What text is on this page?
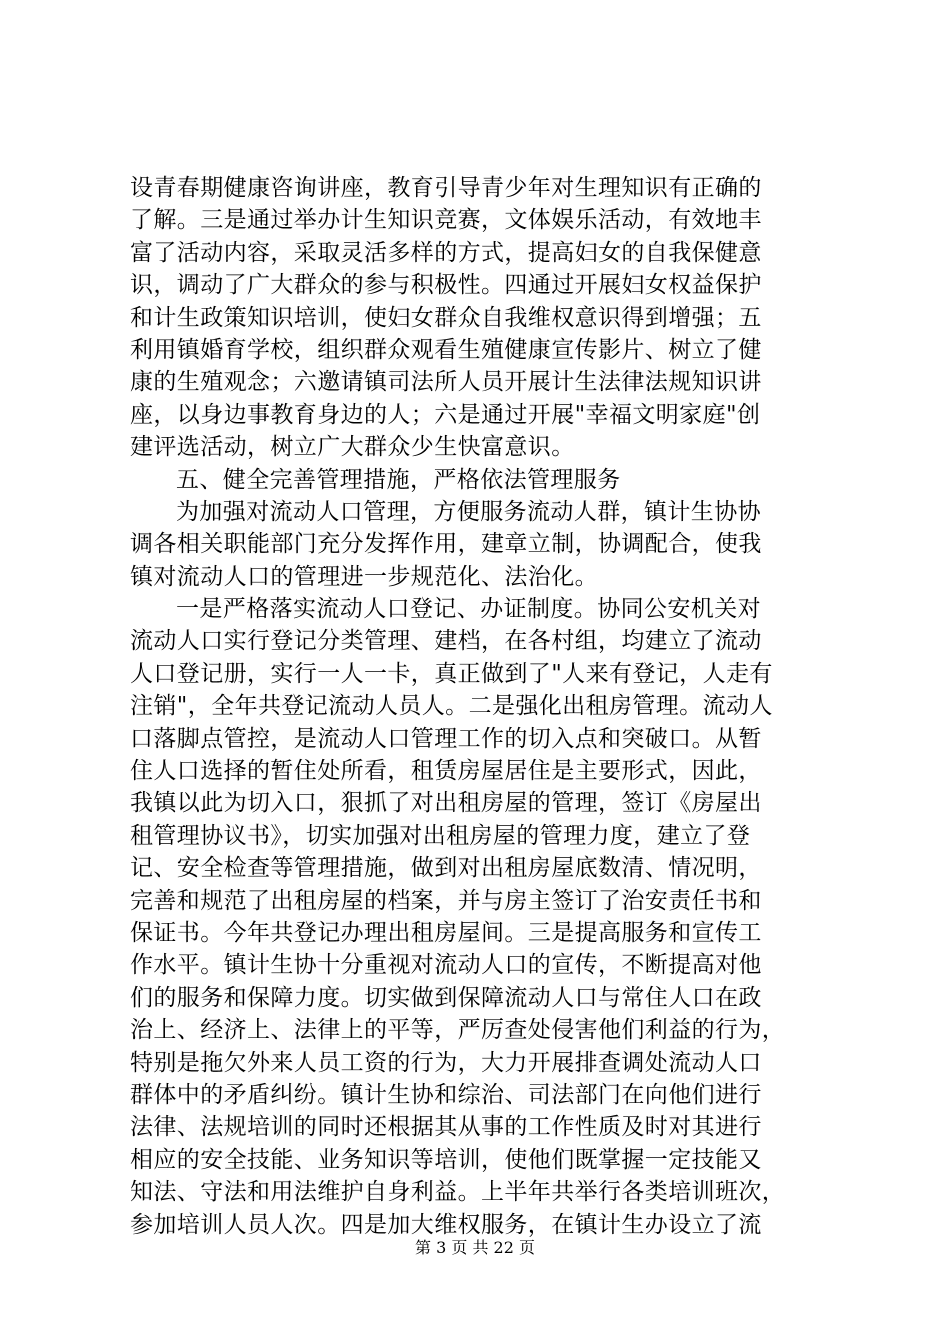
设青春期健康咨询讲座，教育引导青少年对生理知识有正确的
了解。三是通过举办计生知识竞赛，文体娱乐活动，有效地丰
富了活动内容，采取灵活多样的方式，提高妇女的自我保健意
识，调动了广大群众的参与积极性。四通过开展妇女权益保护
和计生政策知识培训，使妇女群众自我维权意识得到增强；五
利用镇婚育学校，组织群众观看生殖健康宣传影片、树立了健
康的生殖观念；六邀请镇司法所人员开展计生法律法规知识讲
座，以身边事教育身边的人；六是通过开展"幸福文明家庭"创
建评选活动，树立广大群众少生快富意识。
五、健全完善管理措施，严格依法管理服务
为加强对流动人口管理，方便服务流动人群，镇计生协协
调各相关职能部门充分发挥作用，建章立制，协调配合，使我
镇对流动人口的管理进一步规范化、法治化。
一是严格落实流动人口登记、办证制度。协同公安机关对
流动人口实行登记分类管理、建档，在各村组，均建立了流动
人口登记册，实行一人一卡，真正做到了"人来有登记，人走有
注销"，全年共登记流动人员人。二是强化出租房管理。流动人
口落脚点管控，是流动人口管理工作的切入点和突破口。从暂
住人口选择的暂住处所看，租赁房屋居住是主要形式，因此，
我镇以此为切入口，狠抓了对出租房屋的管理，签订《房屋出
租管理协议书》，切实加强对出租房屋的管理力度，建立了登
记、安全检查等管理措施，做到对出租房屋底数清、情况明，
完善和规范了出租房屋的档案，并与房主签订了治安责任书和
保证书。今年共登记办理出租房屋间。三是提高服务和宣传工
作水平。镇计生协十分重视对流动人口的宣传，不断提高对他
们的服务和保障力度。切实做到保障流动人口与常住人口在政
治上、经济上、法律上的平等，严厉查处侵害他们利益的行为，
特别是拖欠外来人员工资的行为，大力开展排查调处流动人口
群体中的矛盾纠纷。镇计生协和综治、司法部门在向他们进行
法律、法规培训的同时还根据其从事的工作性质及时对其进行
相应的安全技能、业务知识等培训，使他们既掌握一定技能又
知法、守法和用法维护自身利益。上半年共举行各类培训班次，
参加培训人员人次。四是加大维权服务，在镇计生办设立了流
第 3 页 共 22 页
